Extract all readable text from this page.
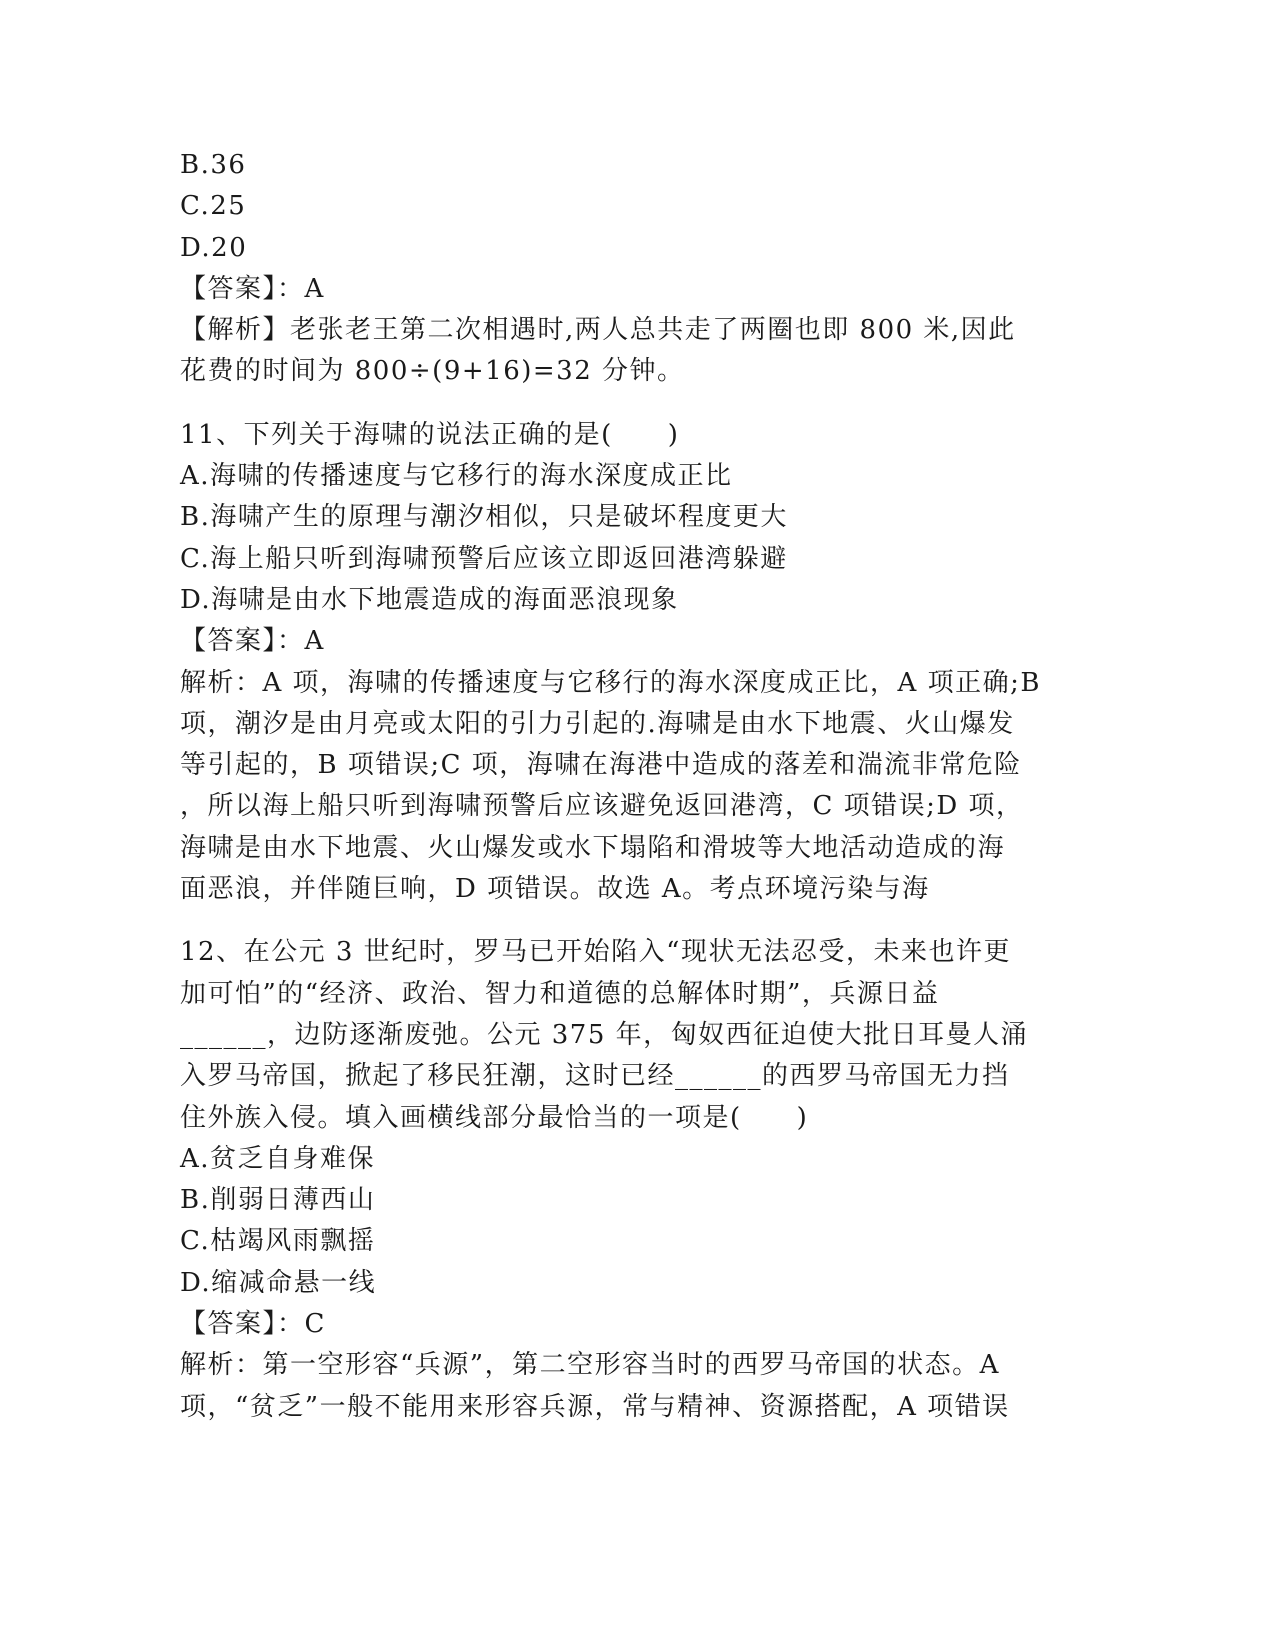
B.36
C.25
D.20
【答案】：A
【解析】老张老王第二次相遇时,两人总共走了两圈也即 800 米,因此
花费的时间为 800÷(9+16)=32 分钟。
11、下列关于海啸的说法正确的是(　　)
A.海啸的传播速度与它移行的海水深度成正比
B.海啸产生的原理与潮汐相似，只是破坏程度更大
C.海上船只听到海啸预警后应该立即返回港湾躲避
D.海啸是由水下地震造成的海面恶浪现象
【答案】：A
解析：A 项，海啸的传播速度与它移行的海水深度成正比，A 项正确;B
项，潮汐是由月亮或太阳的引力引起的.海啸是由水下地震、火山爆发
等引起的，B 项错误;C 项，海啸在海港中造成的落差和湍流非常危险
，所以海上船只听到海啸预警后应该避免返回港湾，C 项错误;D 项，
海啸是由水下地震、火山爆发或水下塌陷和滑坡等大地活动造成的海
面恶浪，并伴随巨响，D 项错误。故选 A。考点环境污染与海
12、在公元 3 世纪时，罗马已开始陷入“现状无法忍受，未来也许更
加可怕”的“经济、政治、智力和道德的总解体时期”，兵源日益
______，边防逐渐废弛。公元 375 年，匈奴西征迫使大批日耳曼人涌
入罗马帝国，掀起了移民狂潮，这时已经______的西罗马帝国无力挡
住外族入侵。填入画横线部分最恰当的一项是(　　)
A.贫乏自身难保
B.削弱日薄西山
C.枯竭风雨飘摇
D.缩减命悬一线
【答案】：C
解析：第一空形容“兵源”，第二空形容当时的西罗马帝国的状态。A
项，“贫乏”一般不能用来形容兵源，常与精神、资源搭配，A 项错误
